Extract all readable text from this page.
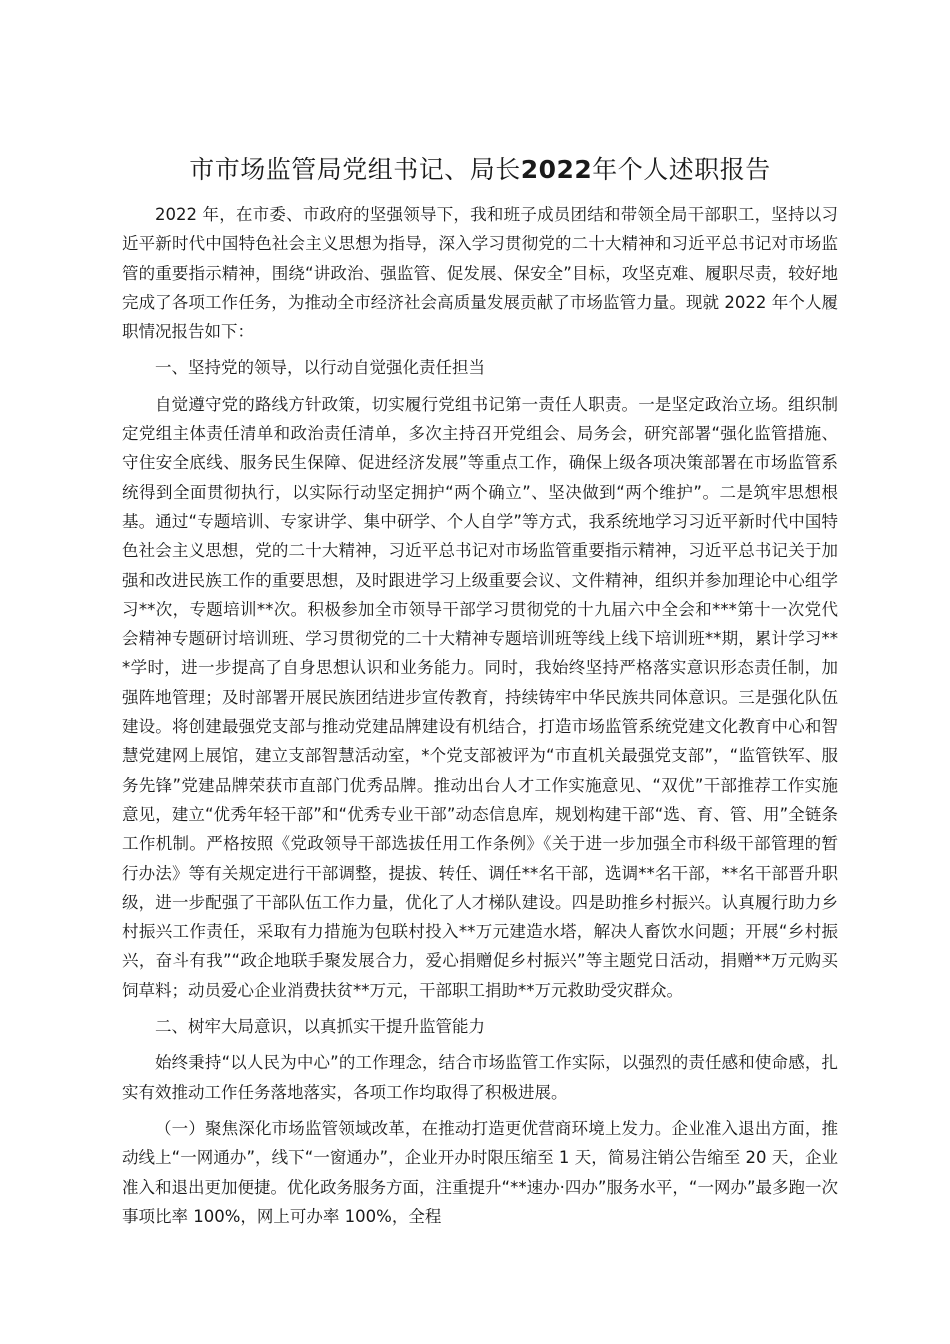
市市场监管局党组书记、局长2022年个人述职报告

2022 年，在市委、市政府的坚强领导下，我和班子成员团结和带领全局干部职工，坚持以习近平新时代中国特色社会主义思想为指导，深入学习贯彻党的二十大精神和习近平总书记对市场监管的重要指示精神，围绕“讲政治、强监管、促发展、保安全”目标，攻坚克难、履职尽责，较好地完成了各项工作任务，为推动全市经济社会高质量发展贡献了市场监管力量。现就 2022 年个人履职情况报告如下：

一、坚持党的领导，以行动自觉强化责任担当

自觉遵守党的路线方针政策，切实履行党组书记第一责任人职责。一是坚定政治立场。组织制定党组主体责任清单和政治责任清单，多次主持召开党组会、局务会，研究部署“强化监管措施、守住安全底线、服务民生保障、促进经济发展”等重点工作，确保上级各项决策部署在市场监管系统得到全面贯彻执行，以实际行动坚定拥护“两个确立”、坚决做到“两个维护”。二是筑牢思想根基。通过“专题培训、专家讲学、集中研学、个人自学”等方式，我系统地学习习近平新时代中国特色社会主义思想，党的二十大精神，习近平总书记对市场监管重要指示精神，习近平总书记关于加强和改进民族工作的重要思想，及时跟进学习上级重要会议、文件精神，组织并参加理论中心组学习**次，专题培训**次。积极参加全市领导干部学习贯彻党的十九届六中全会和***第十一次党代会精神专题研讨培训班、学习贯彻党的二十大精神专题培训班等线上线下培训班**期，累计学习***学时，进一步提高了自身思想认识和业务能力。同时，我始终坚持严格落实意识形态责任制，加强阵地管理；及时部署开展民族团结进步宣传教育，持续铸牢中华民族共同体意识。三是强化队伍建设。将创建最强党支部与推动党建品牌建设有机结合，打造市场监管系统党建文化教育中心和智慧党建网上展馆，建立支部智慧活动室，*个党支部被评为“市直机关最强党支部”，“监管铁军、服务先锋”党建品牌荣获市直部门优秀品牌。推动出台人才工作实施意见、“双优”干部推荐工作实施意见，建立“优秀年轻干部”和“优秀专业干部”动态信息库，规划构建干部“选、育、管、用”全链条工作机制。严格按照《党政领导干部选拔任用工作条例》《关于进一步加强全市科级干部管理的暂行办法》等有关规定进行干部调整，提拔、转任、调任**名干部，选调**名干部，**名干部晋升职级，进一步配强了干部队伍工作力量，优化了人才梯队建设。四是助推乡村振兴。认真履行助力乡村振兴工作责任，采取有力措施为包联村投入**万元建造水塔，解决人畜饮水问题；开展“乡村振兴，奋斗有我”“政企地联手聚发展合力，爱心捐赠促乡村振兴”等主题党日活动，捐赠**万元购买饲草料；动员爱心企业消费扶贫**万元，干部职工捐助**万元救助受灾群众。

二、树牢大局意识，以真抓实干提升监管能力

始终秉持“以人民为中心”的工作理念，结合市场监管工作实际，以强烈的责任感和使命感，扎实有效推动工作任务落地落实，各项工作均取得了积极进展。

（一）聚焦深化市场监管领域改革，在推动打造更优营商环境上发力。企业准入退出方面，推动线上“一网通办”，线下“一窗通办”，企业开办时限压缩至 1 天，简易注销公告缩至 20 天，企业准入和退出更加便捷。优化政务服务方面，注重提升“**速办·四办”服务水平，“一网办”最多跑一次事项比率 100%，网上可办率 100%，全程
